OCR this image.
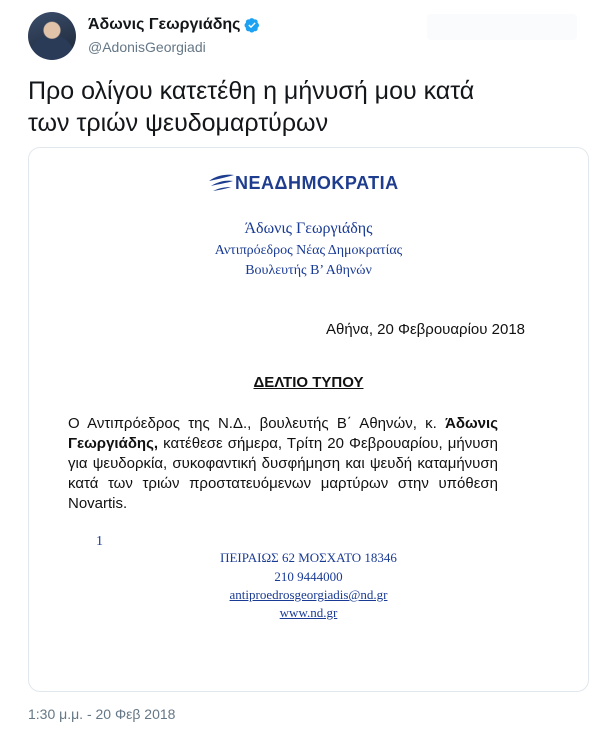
Άδωνις Γεωργιάδης
@AdonisGeorgiadi
Προ ολίγου κατετέθη η μήνυσή μου κατά
των τριών ψευδομαρτύρων
ΝΕΑΔΗΜΟΚΡΑΤΙΑ
Άδωνις Γεωργιάδης
Αντιπρόεδρος Νέας Δημοκρατίας
Βουλευτής Β’ Αθηνών
Αθήνα, 20 Φεβρουαρίου 2018
ΔΕΛΤΙΟ ΤΥΠΟΥ
Ο Αντιπρόεδρος της Ν.Δ., βουλευτής Β΄ Αθηνών, κ. Άδωνις Γεωργιάδης, κατέθεσε σήμερα, Τρίτη 20 Φεβρουαρίου, μήνυση για ψευδορκία, συκοφαντική δυσφήμηση και ψευδή καταμήνυση κατά των τριών προστατευόμενων μαρτύρων στην υπόθεση Novartis.
1
ΠΕΙΡΑΙΩΣ 62 ΜΟΣΧΑΤΟ 18346
210 9444000
antiproedrosgeorgiadis@nd.gr
www.nd.gr
1:30 μ.μ. - 20 Φεβ 2018
